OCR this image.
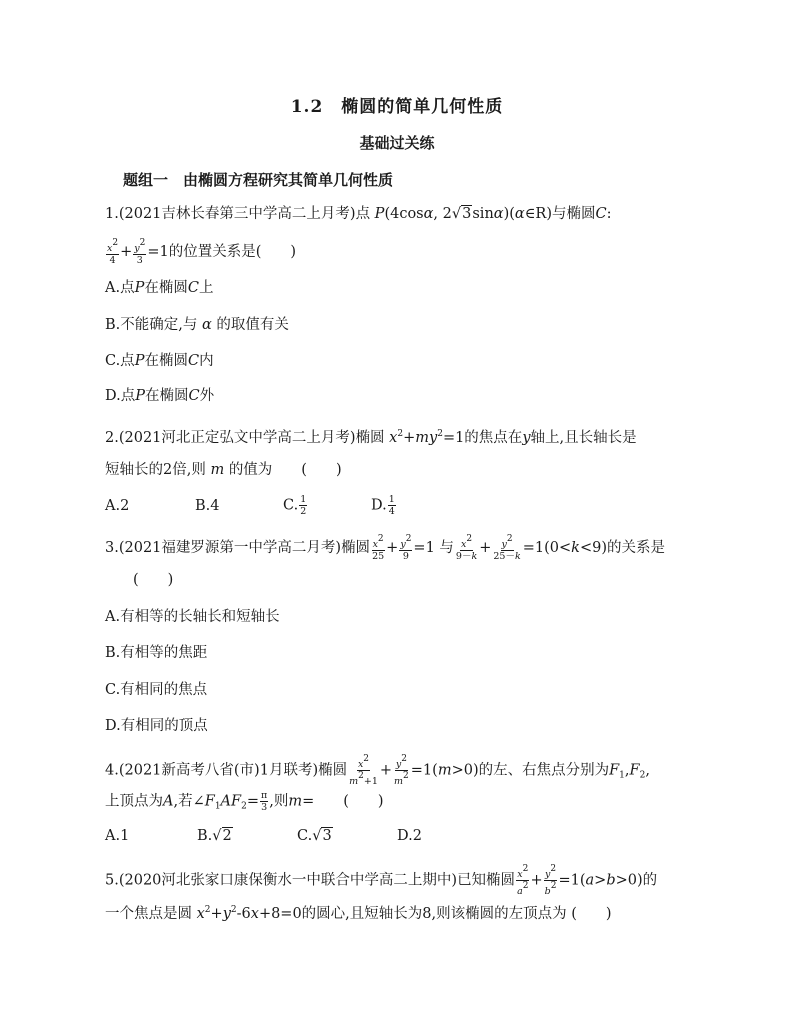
1.2　椭圆的简单几何性质
基础过关练
题组一　由椭圆方程研究其简单几何性质
1.(2021吉林长春第三中学高二上月考)点 P(4cosα, 2√3sinα)(α∈R)与椭圆C:
$\frac{x2}{4} + \frac{y2}{3} =1$的位置关系是(　　)
A.点P在椭圆C上
B.不能确定,与 α 的取值有关
C.点P在椭圆C内
D.点P在椭圆C外
2.(2021河北正定弘文中学高二上月考)椭圆 $x^2+my^2=1$的焦点在y轴上,且长轴长是
短轴长的2倍,则 m 的值为　　(　　)
A.2	B.4	C. $\frac{1}{2}$	D. $\frac{1}{4}$
3.(2021福建罗源第一中学高二月考)椭圆 $\frac{x2}{25} + \frac{y2}{9} =1$ 与 $\frac{x2}{9-k} + \frac{y2}{25-k} =1(0<k<9)$的关系是
(　　)
A.有相等的长轴长和短轴长
B.有相等的焦距
C.有相同的焦点
D.有相同的顶点
4.(2021新高考八省(市)1月联考)椭圆 $\frac{x2}{m2+1} + \frac{y2}{m2} =1(m>0)$的左、右焦点分别为$F_1,F_2$,
上顶点为A,若$\angle F_1AF_2= \frac{\pi}{3}$ ,则m=　　(　　)
A.1	B.√2	C.√3	D.2
5.(2020河北张家口康保衡水一中联合中学高二上期中)已知椭圆 $\frac{x2}{a2} + \frac{y2}{b2} =1(a>b>0)$的
一个焦点是圆 $x^2+y^2-6x+8=0$的圆心,且短轴长为8,则该椭圆的左顶点为 (　　)
